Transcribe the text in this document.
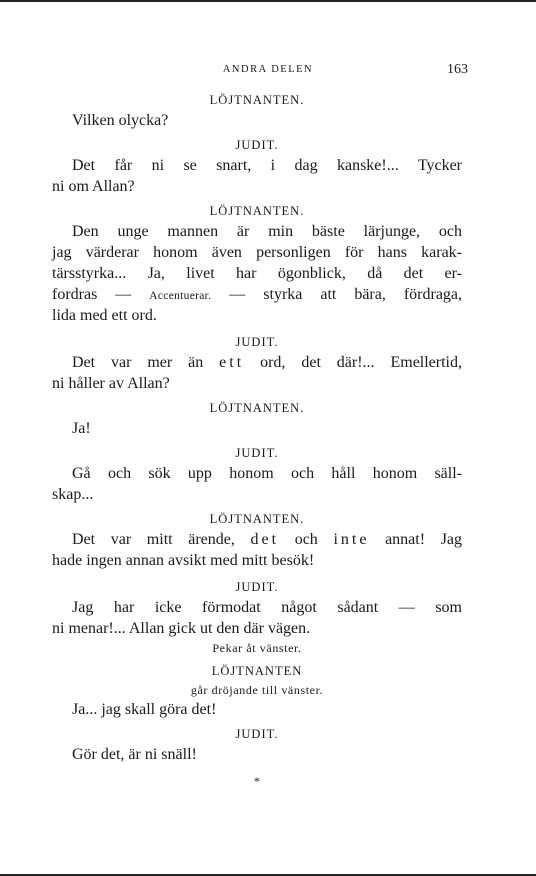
ANDRA DELEN	163
LÖJTNANTEN.
Vilken olycka?
JUDIT.
Det får ni se snart, i dag kanske!... Tycker
ni om Allan?
LÖJTNANTEN.
Den unge mannen är min bäste lärjunge, och
jag värderar honom även personligen för hans karak-
tärsstyrka... Ja, livet har ögonblick, då det er-
fordras — Accentuerar. — styrka att bära, fördraga,
lida med ett ord.
JUDIT.
Det var mer än ett ord, det där!... Emellertid,
ni håller av Allan?
LÖJTNANTEN.
Ja!
JUDIT.
Gå och sök upp honom och håll honom säll-
skap...
LÖJTNANTEN.
Det var mitt ärende, det och inte annat! Jag
hade ingen annan avsikt med mitt besök!
JUDIT.
Jag har icke förmodat något sådant — som
ni menar!... Allan gick ut den där vägen.
Pekar åt vänster.
LÖJTNANTEN
går dröjande till vänster.
Ja... jag skall göra det!
JUDIT.
Gör det, är ni snäll!
*
